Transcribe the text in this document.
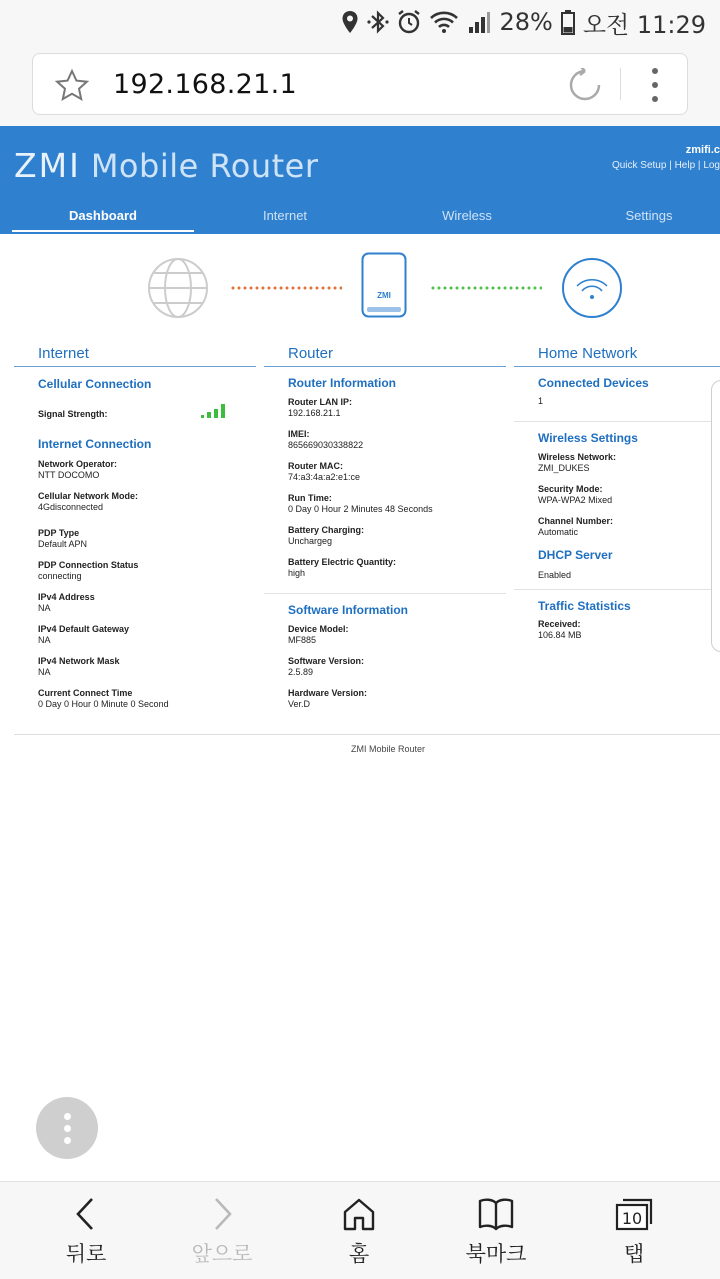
28% 오전 11:29
192.168.21.1
ZMI Mobile Router	zmifi.c
Quick Setup | Help | Log
Dashboard	Internet	Wireless	Settings
ZMI
Internet
Cellular Connection
Signal Strength:
Internet Connection
Network Operator:
NTT DOCOMO
Cellular Network Mode:
4Gdisconnected
PDP Type
Default APN
PDP Connection Status
connecting
IPv4 Address
NA
IPv4 Default Gateway
NA
IPv4 Network Mask
NA
Current Connect Time
0 Day 0 Hour 0 Minute 0 Second
Router
Router Information
Router LAN IP:
192.168.21.1
IMEI:
865669030338822
Router MAC:
74:a3:4a:a2:e1:ce
Run Time:
0 Day 0 Hour 2 Minutes 48 Seconds
Battery Charging:
Unchargeg
Battery Electric Quantity:
high
Software Information
Device Model:
MF885
Software Version:
2.5.89
Hardware Version:
Ver.D
Home Network
Connected Devices
1
Wireless Settings
Wireless Network:
ZMI_DUKES
Security Mode:
WPA-WPA2 Mixed
Channel Number:
Automatic
DHCP Server
Enabled
Traffic Statistics
Received:
106.84 MB
ZMI Mobile Router
뒤로	앞으로	홈	북마크
10
탭
